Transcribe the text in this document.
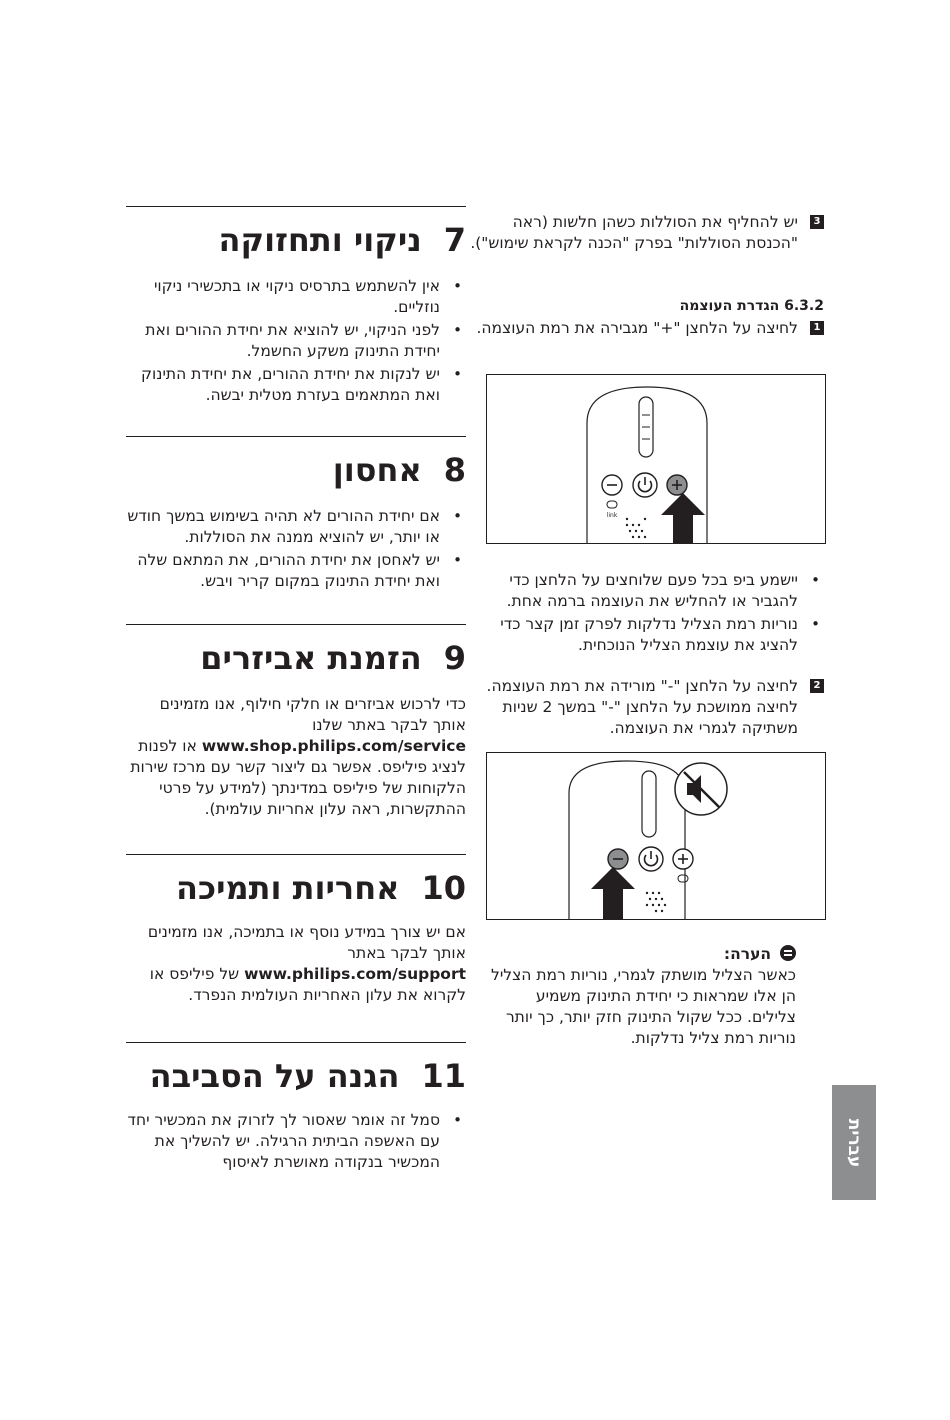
3
יש להחליף את הסוללות כשהן חלשות (ראה "הכנסת הסוללות" בפרק "הכנה לקראת שימוש").
6.3.2 הגדרת העוצמה
1
לחיצה על הלחצן "+" מגבירה את רמת העוצמה.
link
• יישמע ביפ בכל פעם שלוחצים על הלחצן כדי להגביר או להחליש את העוצמה ברמה אחת.
• נוריות רמת הצליל נדלקות לפרק זמן קצר כדי להציג את עוצמת הצליל הנוכחית.
2
לחיצה על הלחצן "-" מורידה את רמת העוצמה. לחיצה ממושכת על הלחצן "-" במשך 2 שניות משתיקה לגמרי את העוצמה.
הערה:
כאשר הצליל מושתק לגמרי, נוריות רמת הצליל הן אלו שמראות כי יחידת התינוק משמיע צלילים. ככל שקול התינוק חזק יותר, כך יותר נוריות רמת צליל נדלקות.
7ניקוי ותחזוקה
• אין להשתמש בתרסיס ניקוי או בתכשירי ניקוי נוזליים.
• לפני הניקוי, יש להוציא את יחידת ההורים ואת יחידת התינוק משקע החשמל.
• יש לנקות את יחידת ההורים, את יחידת התינוק ואת המתאמים בעזרת מטלית יבשה.
8אחסון
• אם יחידת ההורים לא תהיה בשימוש במשך חודש או יותר, יש להוציא ממנה את הסוללות.
• יש לאחסן את יחידת ההורים, את המתאם שלה ואת יחידת התינוק במקום קריר ויבש.
9הזמנת אביזרים
כדי לרכוש אביזרים או חלקי חילוף, אנו מזמינים אותך לבקר באתר שלנו www.shop.philips.com/service או לפנות לנציג פיליפס. אפשר גם ליצור קשר עם מרכז שירות הלקוחות של פיליפס במדינתך (למידע על פרטי ההתקשרות, ראה עלון אחריות עולמית).
10אחריות ותמיכה
אם יש צורך במידע נוסף או בתמיכה, אנו מזמינים אותך לבקר באתר www.philips.com/support של פיליפס או לקרוא את עלון האחריות העולמית הנפרד.
11הגנה על הסביבה
• סמל זה אומר שאסור לך לזרוק את המכשיר יחד עם האשפה הביתית הרגילה. יש להשליך את המכשיר בנקודה מאושרת לאיסוף	עברית
